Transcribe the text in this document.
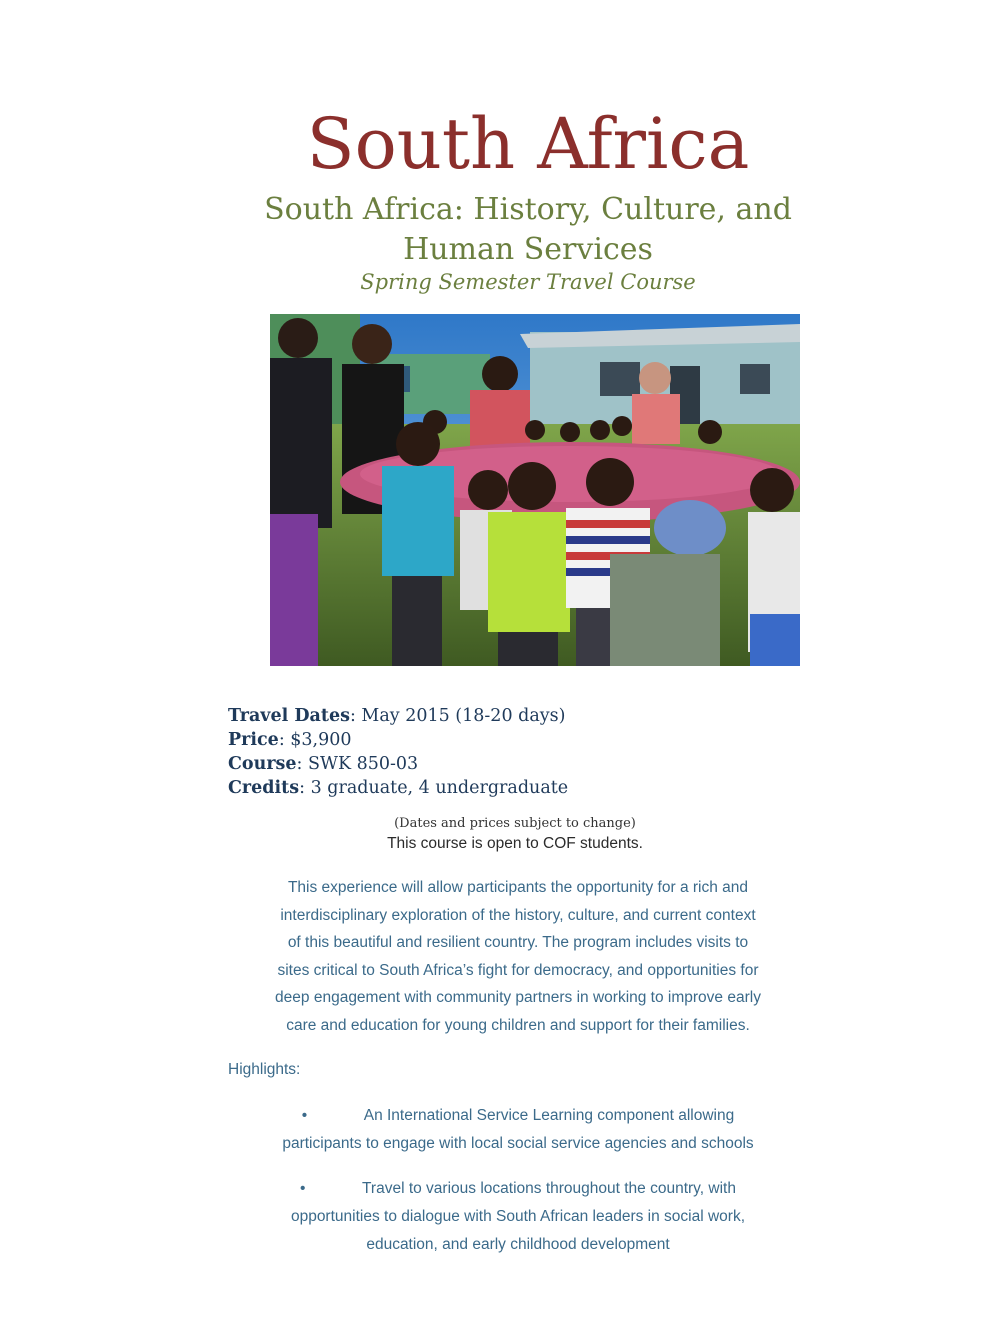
South Africa
South Africa: History, Culture, and
Human Services
Spring Semester Travel Course
Travel Dates: May 2015 (18-20 days)
Price: $3,900
Course: SWK 850-03
Credits: 3 graduate, 4 undergraduate
(Dates and prices subject to change)
This course is open to COF students.
This experience will allow participants the opportunity for a rich and
interdisciplinary exploration of the history, culture, and current context
of this beautiful and resilient country. The program includes visits to
sites critical to South Africa’s fight for democracy, and opportunities for
deep engagement with community partners in working to improve early
care and education for young children and support for their families.
Highlights:
•	An International Service Learning component allowing
participants to engage with local social service agencies and schools
•	Travel to various locations throughout the country, with
opportunities to dialogue with South African leaders in social work,
education, and early childhood development
